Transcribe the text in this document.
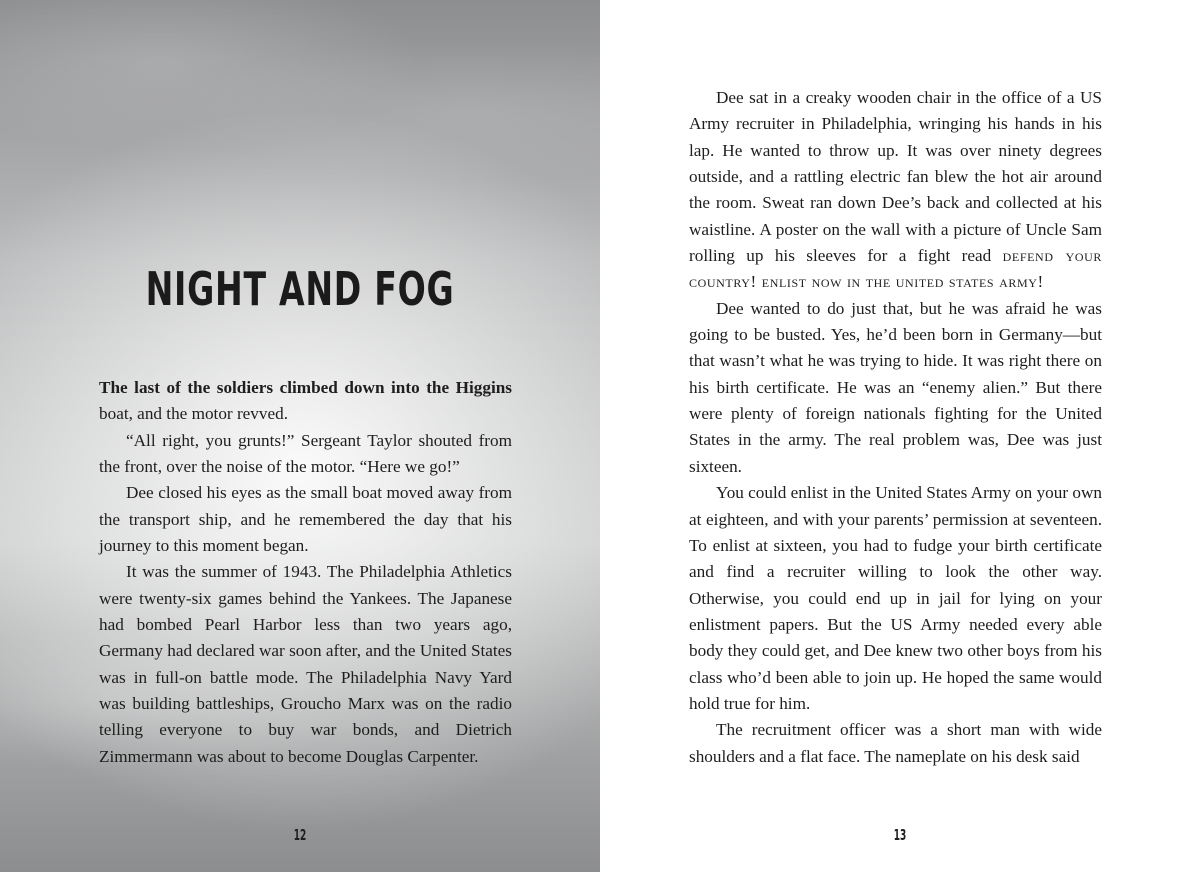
NIGHT AND FOG

The last of the soldiers climbed down into the Higgins boat, and the motor revved.

“All right, you grunts!” Sergeant Taylor shouted from the front, over the noise of the motor. “Here we go!”

Dee closed his eyes as the small boat moved away from the transport ship, and he remembered the day that his journey to this moment began.

It was the summer of 1943. The Philadelphia Athletics were twenty-six games behind the Yankees. The Japanese had bombed Pearl Harbor less than two years ago, Germany had declared war soon after, and the United States was in full-on battle mode. The Philadelphia Navy Yard was building battleships, Groucho Marx was on the radio telling everyone to buy war bonds, and Dietrich Zimmermann was about to become Douglas Carpenter.

12

Dee sat in a creaky wooden chair in the office of a US Army recruiter in Philadelphia, wringing his hands in his lap. He wanted to throw up. It was over ninety degrees outside, and a rattling electric fan blew the hot air around the room. Sweat ran down Dee’s back and collected at his waistline. A poster on the wall with a picture of Uncle Sam rolling up his sleeves for a fight read defend your country! enlist now in the united states army!

Dee wanted to do just that, but he was afraid he was going to be busted. Yes, he’d been born in Germany—but that wasn’t what he was trying to hide. It was right there on his birth certificate. He was an “enemy alien.” But there were plenty of foreign nationals fighting for the United States in the army. The real problem was, Dee was just sixteen.

You could enlist in the United States Army on your own at eighteen, and with your parents’ permission at seventeen. To enlist at sixteen, you had to fudge your birth certificate and find a recruiter willing to look the other way. Otherwise, you could end up in jail for lying on your enlistment papers. But the US Army needed every able body they could get, and Dee knew two other boys from his class who’d been able to join up. He hoped the same would hold true for him.

The recruitment officer was a short man with wide shoulders and a flat face. The nameplate on his desk said

13
